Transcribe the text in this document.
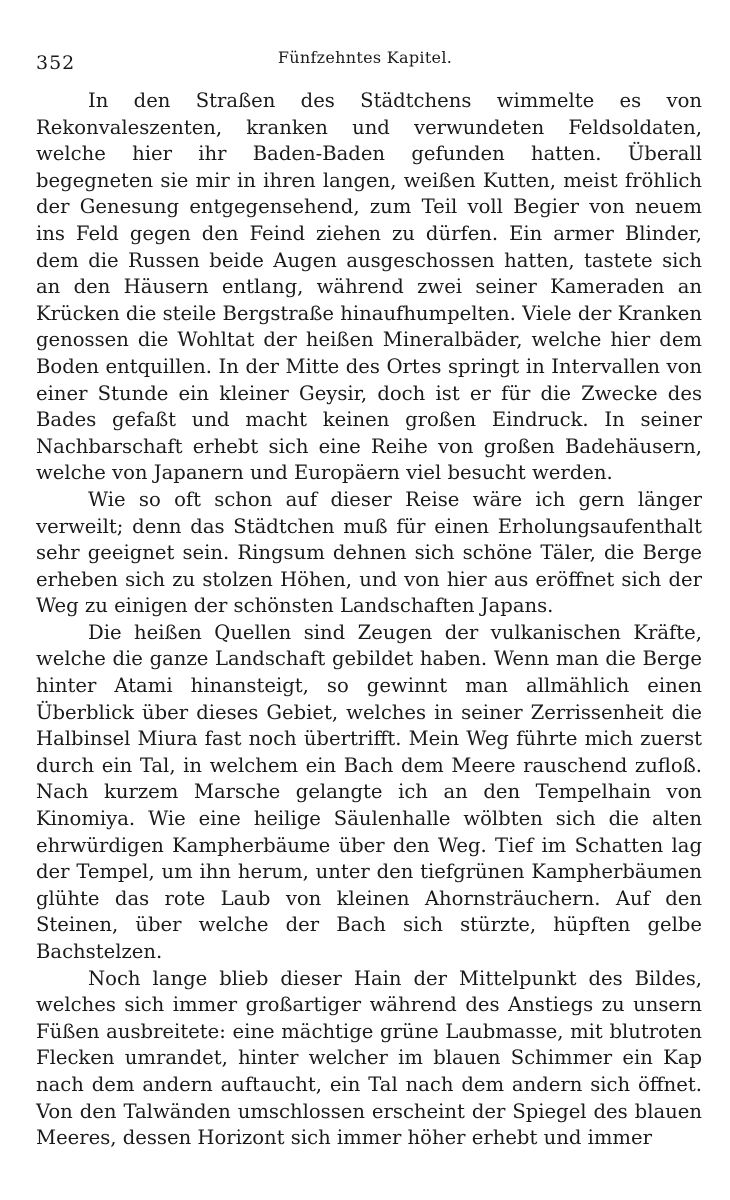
352	Fünfzehntes Kapitel.

In den Straßen des Städtchens wimmelte es von Rekonvaleszenten, kranken und verwundeten Feldsoldaten, welche hier ihr Baden-Baden gefunden hatten. Überall begegneten sie mir in ihren langen, weißen Kutten, meist fröhlich der Genesung entgegensehend, zum Teil voll Begier von neuem ins Feld gegen den Feind ziehen zu dürfen. Ein armer Blinder, dem die Russen beide Augen ausgeschossen hatten, tastete sich an den Häusern entlang, während zwei seiner Kameraden an Krücken die steile Bergstraße hinaufhumpelten. Viele der Kranken genossen die Wohltat der heißen Mineralbäder, welche hier dem Boden entquillen. In der Mitte des Ortes springt in Intervallen von einer Stunde ein kleiner Geysir, doch ist er für die Zwecke des Bades gefaßt und macht keinen großen Eindruck. In seiner Nachbarschaft erhebt sich eine Reihe von großen Badehäusern, welche von Japanern und Europäern viel besucht werden.

Wie so oft schon auf dieser Reise wäre ich gern länger verweilt; denn das Städtchen muß für einen Erholungsaufenthalt sehr geeignet sein. Ringsum dehnen sich schöne Täler, die Berge erheben sich zu stolzen Höhen, und von hier aus eröffnet sich der Weg zu einigen der schönsten Landschaften Japans.

Die heißen Quellen sind Zeugen der vulkanischen Kräfte, welche die ganze Landschaft gebildet haben. Wenn man die Berge hinter Atami hinansteigt, so gewinnt man allmählich einen Überblick über dieses Gebiet, welches in seiner Zerrissenheit die Halbinsel Miura fast noch übertrifft. Mein Weg führte mich zuerst durch ein Tal, in welchem ein Bach dem Meere rauschend zufloß. Nach kurzem Marsche gelangte ich an den Tempelhain von Kinomiya. Wie eine heilige Säulenhalle wölbten sich die alten ehrwürdigen Kampherbäume über den Weg. Tief im Schatten lag der Tempel, um ihn herum, unter den tiefgrünen Kampherbäumen glühte das rote Laub von kleinen Ahornsträuchern. Auf den Steinen, über welche der Bach sich stürzte, hüpften gelbe Bachstelzen.

Noch lange blieb dieser Hain der Mittelpunkt des Bildes, welches sich immer großartiger während des Anstiegs zu unsern Füßen ausbreitete: eine mächtige grüne Laubmasse, mit blutroten Flecken umrandet, hinter welcher im blauen Schimmer ein Kap nach dem andern auftaucht, ein Tal nach dem andern sich öffnet. Von den Talwänden umschlossen erscheint der Spiegel des blauen Meeres, dessen Horizont sich immer höher erhebt und immer
